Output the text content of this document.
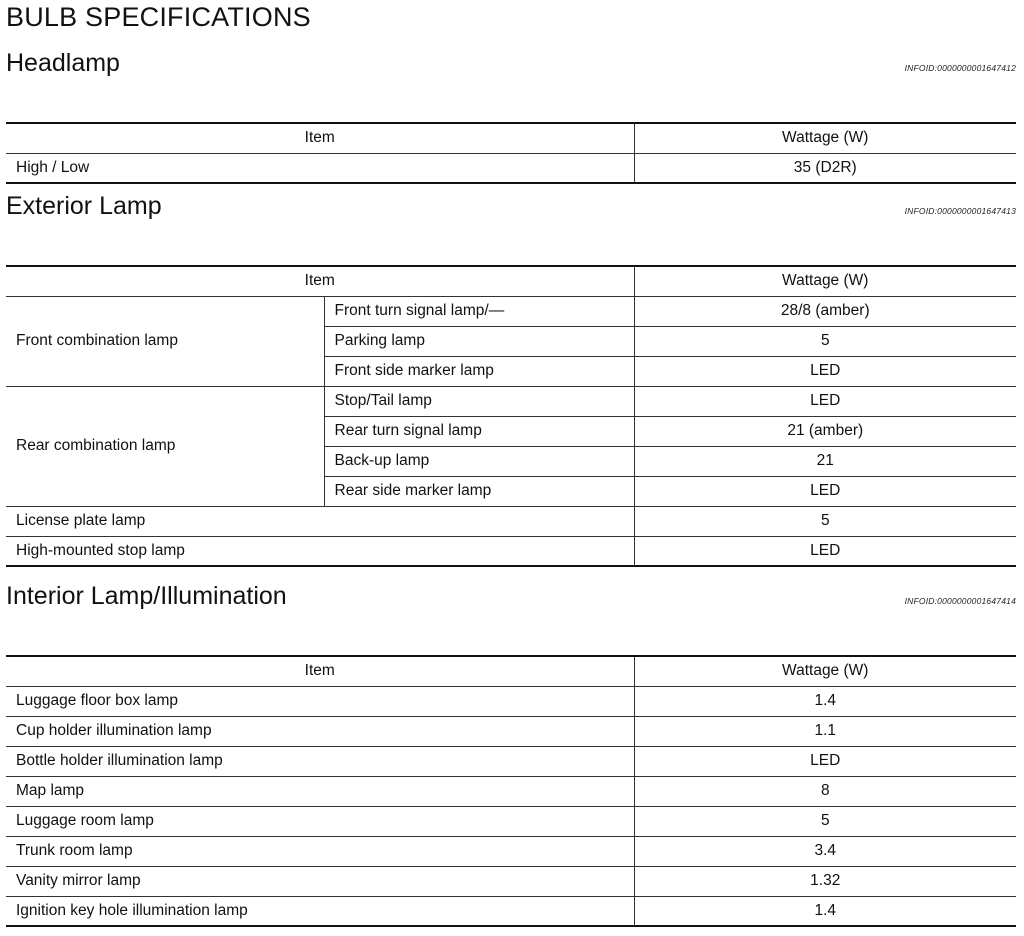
BULB SPECIFICATIONS
Headlamp	INFOID:0000000001647412
Item	Wattage (W)
High / Low	35 (D2R)
Exterior Lamp	INFOID:0000000001647413
Item		Wattage (W)
Front combination lamp	Front turn signal lamp/—	28/8 (amber)
	Parking lamp	5
	Front side marker lamp	LED
Rear combination lamp	Stop/Tail lamp	LED
	Rear turn signal lamp	21 (amber)
	Back-up lamp	21
	Rear side marker lamp	LED
License plate lamp		5
High-mounted stop lamp		LED
Interior Lamp/Illumination	INFOID:0000000001647414
Item	Wattage (W)
Luggage floor box lamp	1.4
Cup holder illumination lamp	1.1
Bottle holder illumination lamp	LED
Map lamp	8
Luggage room lamp	5
Trunk room lamp	3.4
Vanity mirror lamp	1.32
Ignition key hole illumination lamp	1.4
